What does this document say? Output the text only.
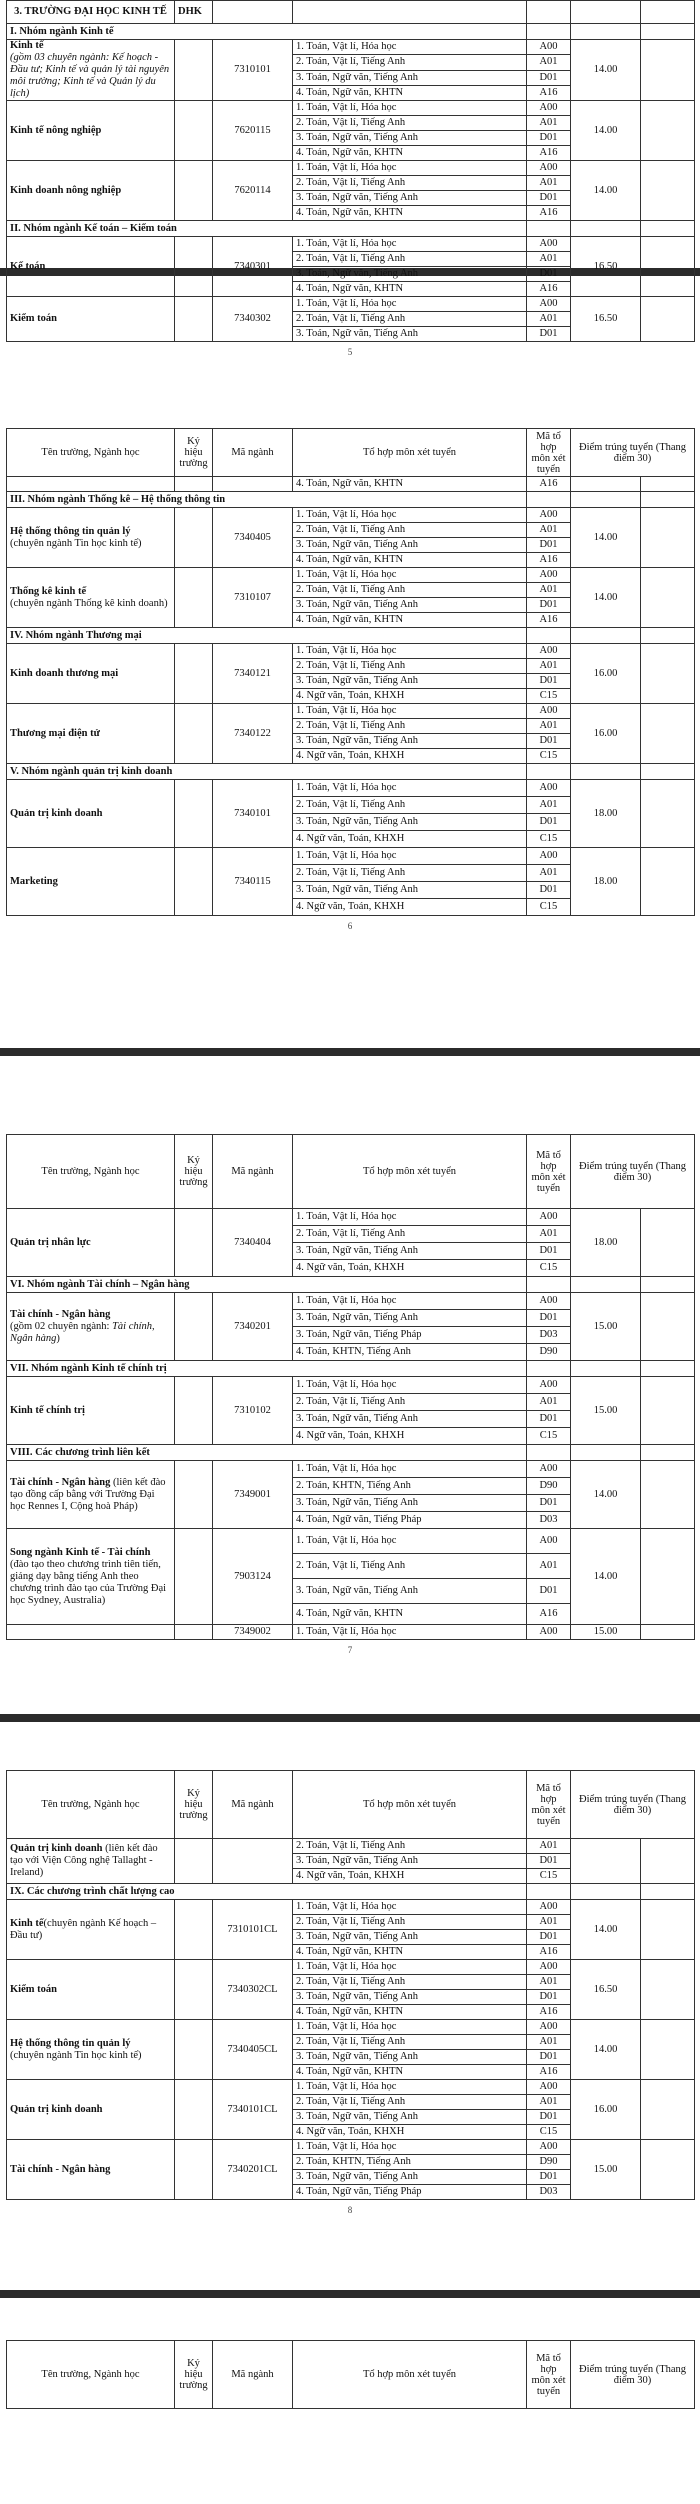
3. TRƯỜNG ĐẠI HỌC KINH TẾ	DHK					
I. Nhóm ngành Kinh tế						
Kinh tế
(gồm 03 chuyên ngành: Kế hoạch - Đầu tư; Kinh tế và quản lý tài nguyên môi trường; Kinh tế và Quản lý du lịch)		7310101	1. Toán, Vật lí, Hóa học	A00	14.00	
			2. Toán, Vật lí, Tiếng Anh	A01		
			3. Toán, Ngữ văn, Tiếng Anh	D01		
			4. Toán, Ngữ văn, KHTN	A16		
Kinh tế nông nghiệp		7620115	1. Toán, Vật lí, Hóa học	A00	14.00	
			2. Toán, Vật lí, Tiếng Anh	A01		
			3. Toán, Ngữ văn, Tiếng Anh	D01		
			4. Toán, Ngữ văn, KHTN	A16		
Kinh doanh nông nghiệp		7620114	1. Toán, Vật lí, Hóa học	A00	14.00	
			2. Toán, Vật lí, Tiếng Anh	A01		
			3. Toán, Ngữ văn, Tiếng Anh	D01		
			4. Toán, Ngữ văn, KHTN	A16		
II. Nhóm ngành Kế toán – Kiểm toán						
Kế toán		7340301	1. Toán, Vật lí, Hóa học	A00	16.50	
			2. Toán, Vật lí, Tiếng Anh	A01		
			3. Toán, Ngữ văn, Tiếng Anh	D01		
			4. Toán, Ngữ văn, KHTN	A16		
Kiểm toán		7340302	1. Toán, Vật lí, Hóa học	A00	16.50	
			2. Toán, Vật lí, Tiếng Anh	A01		
			3. Toán, Ngữ văn, Tiếng Anh	D01		
5
Tên trường, Ngành học	Ký hiệu trường	Mã ngành	Tổ hợp môn xét tuyển	Mã tổ hợp môn xét tuyển	Điểm trúng tuyển (Thang điểm 30)	
			4. Toán, Ngữ văn, KHTN	A16		
III. Nhóm ngành Thống kê – Hệ thống thông tin						
Hệ thống thông tin quản lý
(chuyên ngành Tin học kinh tế)		7340405	1. Toán, Vật lí, Hóa học	A00	14.00	
			2. Toán, Vật lí, Tiếng Anh	A01		
			3. Toán, Ngữ văn, Tiếng Anh	D01		
			4. Toán, Ngữ văn, KHTN	A16		
Thống kê kinh tế
(chuyên ngành Thống kê kinh doanh)		7310107	1. Toán, Vật lí, Hóa học	A00	14.00	
			2. Toán, Vật lí, Tiếng Anh	A01		
			3. Toán, Ngữ văn, Tiếng Anh	D01		
			4. Toán, Ngữ văn, KHTN	A16		
IV. Nhóm ngành Thương mại						
Kinh doanh thương mại		7340121	1. Toán, Vật lí, Hóa học	A00	16.00	
			2. Toán, Vật lí, Tiếng Anh	A01		
			3. Toán, Ngữ văn, Tiếng Anh	D01		
			4. Ngữ văn, Toán, KHXH	C15		
Thương mại điện tử		7340122	1. Toán, Vật lí, Hóa học	A00	16.00	
			2. Toán, Vật lí, Tiếng Anh	A01		
			3. Toán, Ngữ văn, Tiếng Anh	D01		
			4. Ngữ văn, Toán, KHXH	C15		
V. Nhóm ngành quản trị kinh doanh						
Quản trị kinh doanh		7340101	1. Toán, Vật lí, Hóa học	A00	18.00	
			2. Toán, Vật lí, Tiếng Anh	A01		
			3. Toán, Ngữ văn, Tiếng Anh	D01		
			4. Ngữ văn, Toán, KHXH	C15		
Marketing		7340115	1. Toán, Vật lí, Hóa học	A00	18.00	
			2. Toán, Vật lí, Tiếng Anh	A01		
			3. Toán, Ngữ văn, Tiếng Anh	D01		
			4. Ngữ văn, Toán, KHXH	C15		
6
Tên trường, Ngành học	Ký hiệu trường	Mã ngành	Tổ hợp môn xét tuyển	Mã tổ hợp môn xét tuyển	Điểm trúng tuyển (Thang điểm 30)	
Quản trị nhân lực		7340404	1. Toán, Vật lí, Hóa học	A00	18.00	
			2. Toán, Vật lí, Tiếng Anh	A01		
			3. Toán, Ngữ văn, Tiếng Anh	D01		
			4. Ngữ văn, Toán, KHXH	C15		
VI. Nhóm ngành Tài chính – Ngân hàng						
Tài chính - Ngân hàng
(gồm 02 chuyên ngành: Tài chính, Ngân hàng)		7340201	1. Toán, Vật lí, Hóa học	A00	15.00	
			3. Toán, Ngữ văn, Tiếng Anh	D01		
			3. Toán, Ngữ văn, Tiếng Pháp	D03		
			4. Toán, KHTN, Tiếng Anh	D90		
VII. Nhóm ngành Kinh tế chính trị						
Kinh tế chính trị		7310102	1. Toán, Vật lí, Hóa học	A00	15.00	
			2. Toán, Vật lí, Tiếng Anh	A01		
			3. Toán, Ngữ văn, Tiếng Anh	D01		
			4. Ngữ văn, Toán, KHXH	C15		
VIII. Các chương trình liên kết						
Tài chính - Ngân hàng (liên kết đào tạo đồng cấp bằng với Trường Đại học Rennes I, Cộng hoà Pháp)		7349001	1. Toán, Vật lí, Hóa học	A00	14.00	
			2. Toán, KHTN, Tiếng Anh	D90		
			3. Toán, Ngữ văn, Tiếng Anh	D01		
			4. Toán, Ngữ văn, Tiếng Pháp	D03		
Song ngành Kinh tế - Tài chính (đào tạo theo chương trình tiên tiến, giảng dạy bằng tiếng Anh theo chương trình đào tạo của Trường Đại học Sydney, Australia)		7903124	1. Toán, Vật lí, Hóa học	A00	14.00	
			2. Toán, Vật lí, Tiếng Anh	A01		
			3. Toán, Ngữ văn, Tiếng Anh	D01		
			4. Toán, Ngữ văn, KHTN	A16		
		7349002	1. Toán, Vật lí, Hóa học	A00	15.00	
7
Tên trường, Ngành học	Ký hiệu trường	Mã ngành	Tổ hợp môn xét tuyển	Mã tổ hợp môn xét tuyển	Điểm trúng tuyển (Thang điểm 30)	
Quản trị kinh doanh (liên kết đào tạo với Viện Công nghệ Tallaght - Ireland)			2. Toán, Vật lí, Tiếng Anh	A01		
			3. Toán, Ngữ văn, Tiếng Anh	D01		
			4. Ngữ văn, Toán, KHXH	C15		
IX. Các chương trình chất lượng cao						
Kinh tế(chuyên ngành Kế hoạch – Đầu tư)		7310101CL	1. Toán, Vật lí, Hóa học	A00	14.00	
			2. Toán, Vật lí, Tiếng Anh	A01		
			3. Toán, Ngữ văn, Tiếng Anh	D01		
			4. Toán, Ngữ văn, KHTN	A16		
Kiểm toán		7340302CL	1. Toán, Vật lí, Hóa học	A00	16.50	
			2. Toán, Vật lí, Tiếng Anh	A01		
			3. Toán, Ngữ văn, Tiếng Anh	D01		
			4. Toán, Ngữ văn, KHTN	A16		
Hệ thống thông tin quản lý
(chuyên ngành Tin học kinh tế)		7340405CL	1. Toán, Vật lí, Hóa học	A00	14.00	
			2. Toán, Vật lí, Tiếng Anh	A01		
			3. Toán, Ngữ văn, Tiếng Anh	D01		
			4. Toán, Ngữ văn, KHTN	A16		
Quản trị kinh doanh		7340101CL	1. Toán, Vật lí, Hóa học	A00	16.00	
			2. Toán, Vật lí, Tiếng Anh	A01		
			3. Toán, Ngữ văn, Tiếng Anh	D01		
			4. Ngữ văn, Toán, KHXH	C15		
Tài chính - Ngân hàng		7340201CL	1. Toán, Vật lí, Hóa học	A00	15.00	
			2. Toán, KHTN, Tiếng Anh	D90		
			3. Toán, Ngữ văn, Tiếng Anh	D01		
			4. Toán, Ngữ văn, Tiếng Pháp	D03		
8
Tên trường, Ngành học	Ký hiệu trường	Mã ngành	Tổ hợp môn xét tuyển	Mã tổ hợp môn xét tuyển	Điểm trúng tuyển (Thang điểm 30)
